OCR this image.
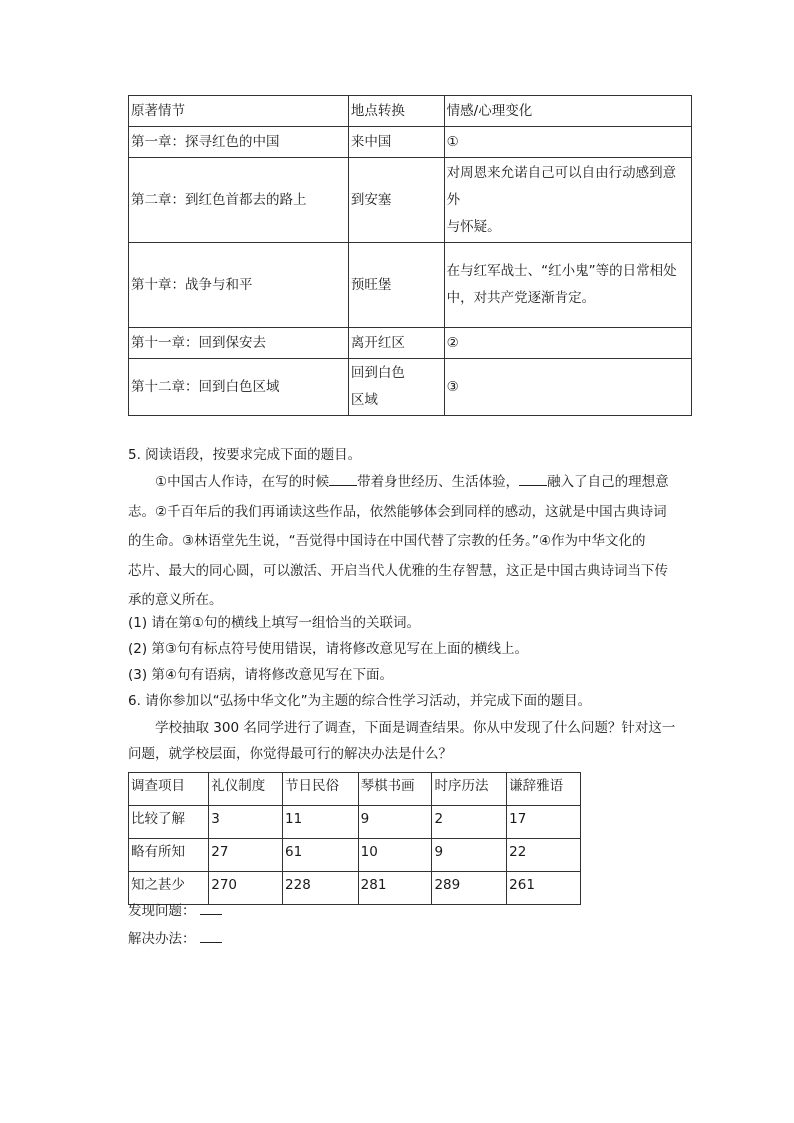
原著情节	地点转换	情感/心理变化
第一章：探寻红色的中国	来中国	①
第二章：到红色首都去的路上	到安塞	对周恩来允诺自己可以自由行动感到意外
与怀疑。
第十章：战争与和平	预旺堡	在与红军战士、“红小鬼”等的日常相处
中，对共产党逐渐肯定。
第十一章：回到保安去	离开红区	②
第十二章：回到白色区域	回到白色
区域	③
5. 阅读语段，按要求完成下面的题目。
①中国古人作诗，在写的时候 带着身世经历、生活体验， 融入了自己的理想意
志。②千百年后的我们再诵读这些作品，依然能够体会到同样的感动，这就是中国古典诗词
的生命。③林语堂先生说，“吾觉得中国诗在中国代替了宗教的任务。”④作为中华文化的
芯片、最大的同心圆，可以激活、开启当代人优雅的生存智慧，这正是中国古典诗词当下传
承的意义所在。
(1) 请在第①句的横线上填写一组恰当的关联词。
(2) 第③句有标点符号使用错误，请将修改意见写在上面的横线上。
(3) 第④句有语病，请将修改意见写在下面。
6. 请你参加以“弘扬中华文化”为主题的综合性学习活动，并完成下面的题目。
学校抽取 300 名同学进行了调查，下面是调查结果。你从中发现了什么问题？针对这一
问题，就学校层面，你觉得最可行的解决办法是什么？
调查项目	礼仪制度	节日民俗	琴棋书画	时序历法	谦辞雅语
比较了解	3	11	9	2	17
略有所知	27	61	10	9	22
知之甚少	270	228	281	289	261
发现问题：
解决办法：
